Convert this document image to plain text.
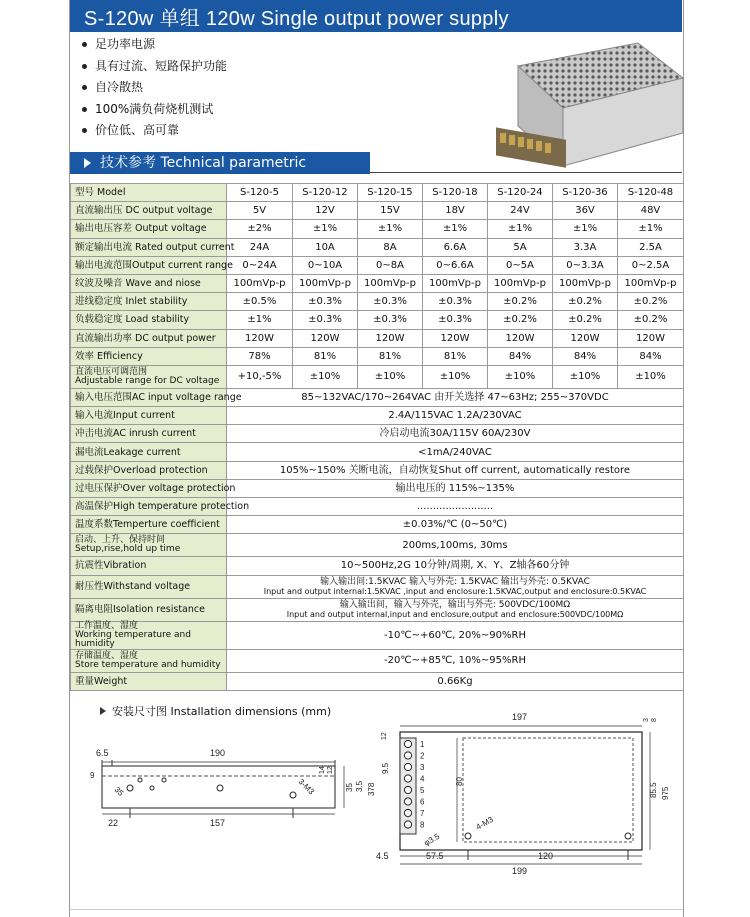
S-120w 单组 120w Single output power supply
足功率电源
具有过流、短路保护功能
自冷散热
100%满负荷烧机测试
价位低、高可靠
技术参考 Technical parametric
型号 Model	S-120-5	S-120-12	S-120-15	S-120-18	S-120-24	S-120-36	S-120-48
直流输出压 DC output voltage	5V	12V	15V	18V	24V	36V	48V
输出电压容差 Output voltage	±2%	±1%	±1%	±1%	±1%	±1%	±1%
额定输出电流 Rated output current	24A	10A	8A	6.6A	5A	3.3A	2.5A
输出电流范围Output current range	0~24A	0~10A	0~8A	0~6.6A	0~5A	0~3.3A	0~2.5A
纹波及噪音 Wave and niose	100mVp-p	100mVp-p	100mVp-p	100mVp-p	100mVp-p	100mVp-p	100mVp-p
进线稳定度 Inlet stability	±0.5%	±0.3%	±0.3%	±0.3%	±0.2%	±0.2%	±0.2%
负载稳定度 Load stability	±1%	±0.3%	±0.3%	±0.3%	±0.2%	±0.2%	±0.2%
直流输出功率 DC output power	120W	120W	120W	120W	120W	120W	120W
效率 Efficiency	78%	81%	81%	81%	84%	84%	84%
直流电压可调范围
Adjustable range for DC voltage	+10,-5%	±10%	±10%	±10%	±10%	±10%	±10%
输入电压范围AC input voltage range	85~132VAC/170~264VAC 由开关选择 47~63Hz; 255~370VDC						
输入电流Input current	2.4A/115VAC 1.2A/230VAC						
冲击电流AC inrush current	冷启动电流30A/115V 60A/230V						
漏电流Leakage current	<1mA/240VAC						
过载保护Overload protection	105%~150% 关断电流，自动恢复Shut off current, automatically restore						
过电压保护Over voltage protection	输出电压的 115%~135%						
高温保护High temperature protection	........................						
温度系数Temperture coefficient	±0.03%/℃ (0~50℃)						
启动、上升、保持时间
Setup,rise,hold up time	200ms,100ms, 30ms						
抗震性Vibration	10~500Hz,2G 10分钟/周期, X、Y、Z轴各60分钟						
耐压性Withstand voltage	输入输出间:1.5KVAC 输入与外壳: 1.5KVAC 输出与外壳: 0.5KVAC
Input and output internal:1.5KVAC ,input and enclosure:1.5KVAC,output and enclosure:0.5KVAC						
隔离电阻Isolation resistance	输入输出间，输入与外壳，输出与外壳: 500VDC/100MΩ
Input and output internal,input and enclosure,output and enclosure:500VDC/100MΩ						
工作温度、湿度
Working temperature and humidity	-10℃~+60℃, 20%~90%RH						
存储温度、湿度
Store temperature and humidity	-20℃~+85℃, 10%~95%RH						
重量Weight	0.66Kg						
安装尺寸图 Installation dimensions (mm)
6.5	190
9
35	3-M3
14 12
35 3.5 378
22	157
197
1
2
3
4
5
6
7
8
12
3 8
9.5
80
85.5 975
φ3.5
4-M3
4.5	57.5	120
199
